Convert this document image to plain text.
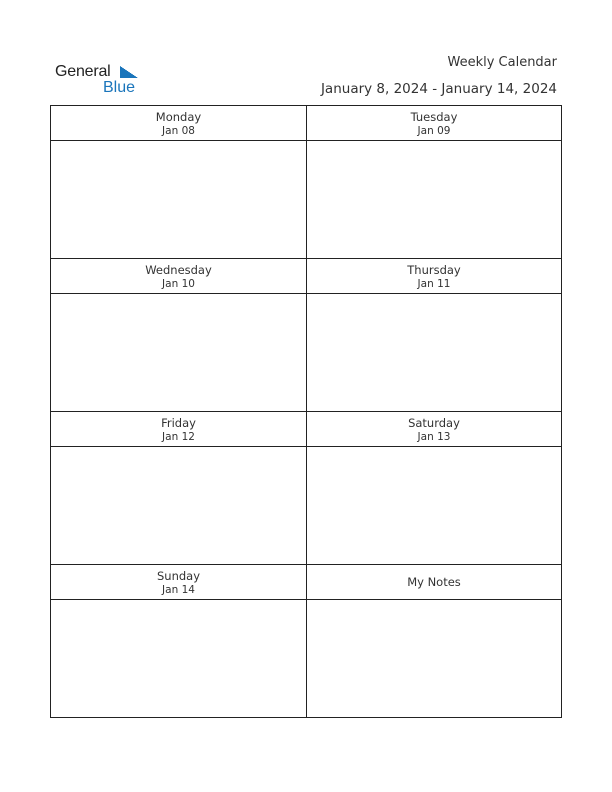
General
Blue
Weekly Calendar
January 8, 2024 - January 14, 2024
Monday
Jan 08
Tuesday
Jan 09
Wednesday
Jan 10
Thursday
Jan 11
Friday
Jan 12
Saturday
Jan 13
Sunday
Jan 14
My Notes
